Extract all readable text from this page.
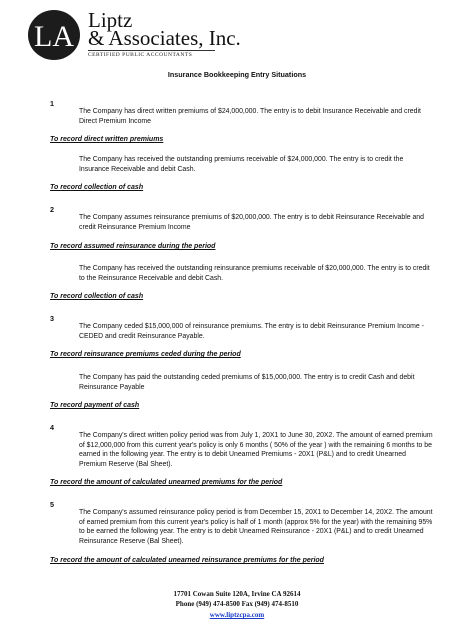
LA Liptz
& Associates, Inc.
CERTIFIED PUBLIC ACCOUNTANTS
Insurance Bookkeeping Entry Situations
1
The Company has direct written premiums of $24,000,000. The entry is to debit Insurance Receivable and credit Direct Premium Income
To record direct written premiums
The Company has received the outstanding premiums receivable of $24,000,000. The entry is to credit the Insurance Receivable and debit Cash.
To record collection of cash
2
The Company assumes reinsurance premiums of $20,000,000. The entry is to debit Reinsurance Receivable and credit Reinsurance Premium Income
To record assumed reinsurance during the period
The Company has received the outstanding reinsurance premiums receivable of $20,000,000. The entry is to credit to the Reinsurance Receivable and debit Cash.
To record collection of cash
3
The Company ceded $15,000,000 of reinsurance premiums. The entry is to debit Reinsurance Premium Income - CEDED and credit Reinsurance Payable.
To record reinsurance premiums ceded during the period
The Company has paid the outstanding ceded premiums of $15,000,000. The entry is to credit Cash and debit Reinsurance Payable
To record payment of cash
4
The Company's direct written policy period was from July 1, 20X1 to June 30, 20X2. The amount of earned premium of $12,000,000 from this current year's policy is only 6 months ( 50% of the year ) with the remaining 6 months to be earned in the following year. The entry is to debit Unearned Premiums - 20X1 (P&L) and to credit Unearned Premium Reserve (Bal Sheet).
To record the amount of calculated unearned premiums for the period
5
The Company's assumed reinsurance policy period is from December 15, 20X1 to December 14, 20X2. The amount of earned premium from this current year's policy is half of 1 month (approx 5% for the year) with the remaining 95% to be earned the following year. The entry is to debit Unearned Reinsurance - 20X1 (P&L) and to credit Unearned Reinsurance Reserve (Bal Sheet).
To record the amount of calculated unearned reinsurance premiums for the period
17701 Cowan Suite 120A, Irvine CA 92614
Phone (949) 474-8500 Fax (949) 474-8510
www.liptzcpa.com
